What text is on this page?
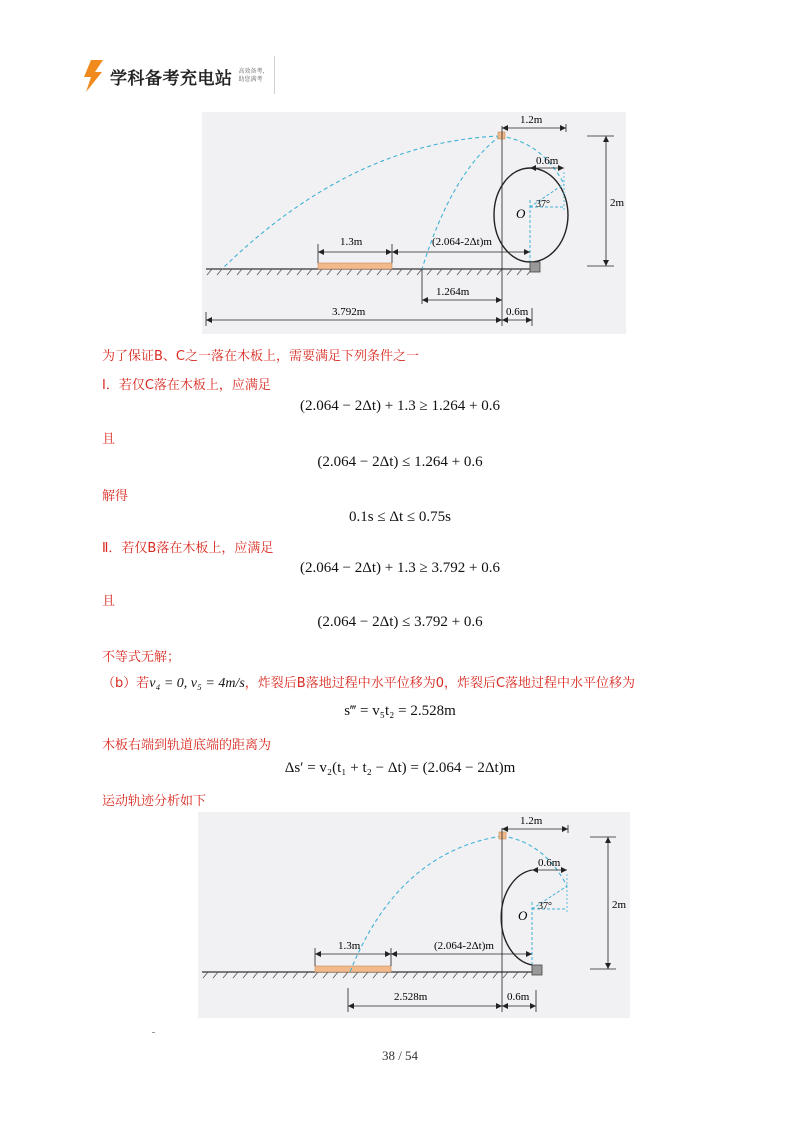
学科备考充电站 高效备考,
助您满考
1.2m
0.6m
2m
O
37°
1.3m	(2.064-2Δt)m
1.264m
3.792m	0.6m
为了保证B、C之一落在木板上，需要满足下列条件之一
Ⅰ．若仅C落在木板上，应满足
(2.064 − 2Δt) + 1.3 ≥ 1.264 + 0.6
且
(2.064 − 2Δt) ≤ 1.264 + 0.6
解得
0.1s ≤ Δt ≤ 0.75s
Ⅱ．若仅B落在木板上，应满足
(2.064 − 2Δt) + 1.3 ≥ 3.792 + 0.6
且
(2.064 − 2Δt) ≤ 3.792 + 0.6
不等式无解；
（b）若v₄ = 0, v₅ = 4m/s，炸裂后B落地过程中水平位移为0，炸裂后C落地过程中水平位移为
s‴ = v₅t₂ = 2.528m
木板右端到轨道底端的距离为
Δs′ = v₂(t₁ + t₂ − Δt) = (2.064 − 2Δt)m
运动轨迹分析如下
1.2m
0.6m
2m
O
37°
1.3m	(2.064-2Δt)m
2.528m	0.6m
38 / 54
